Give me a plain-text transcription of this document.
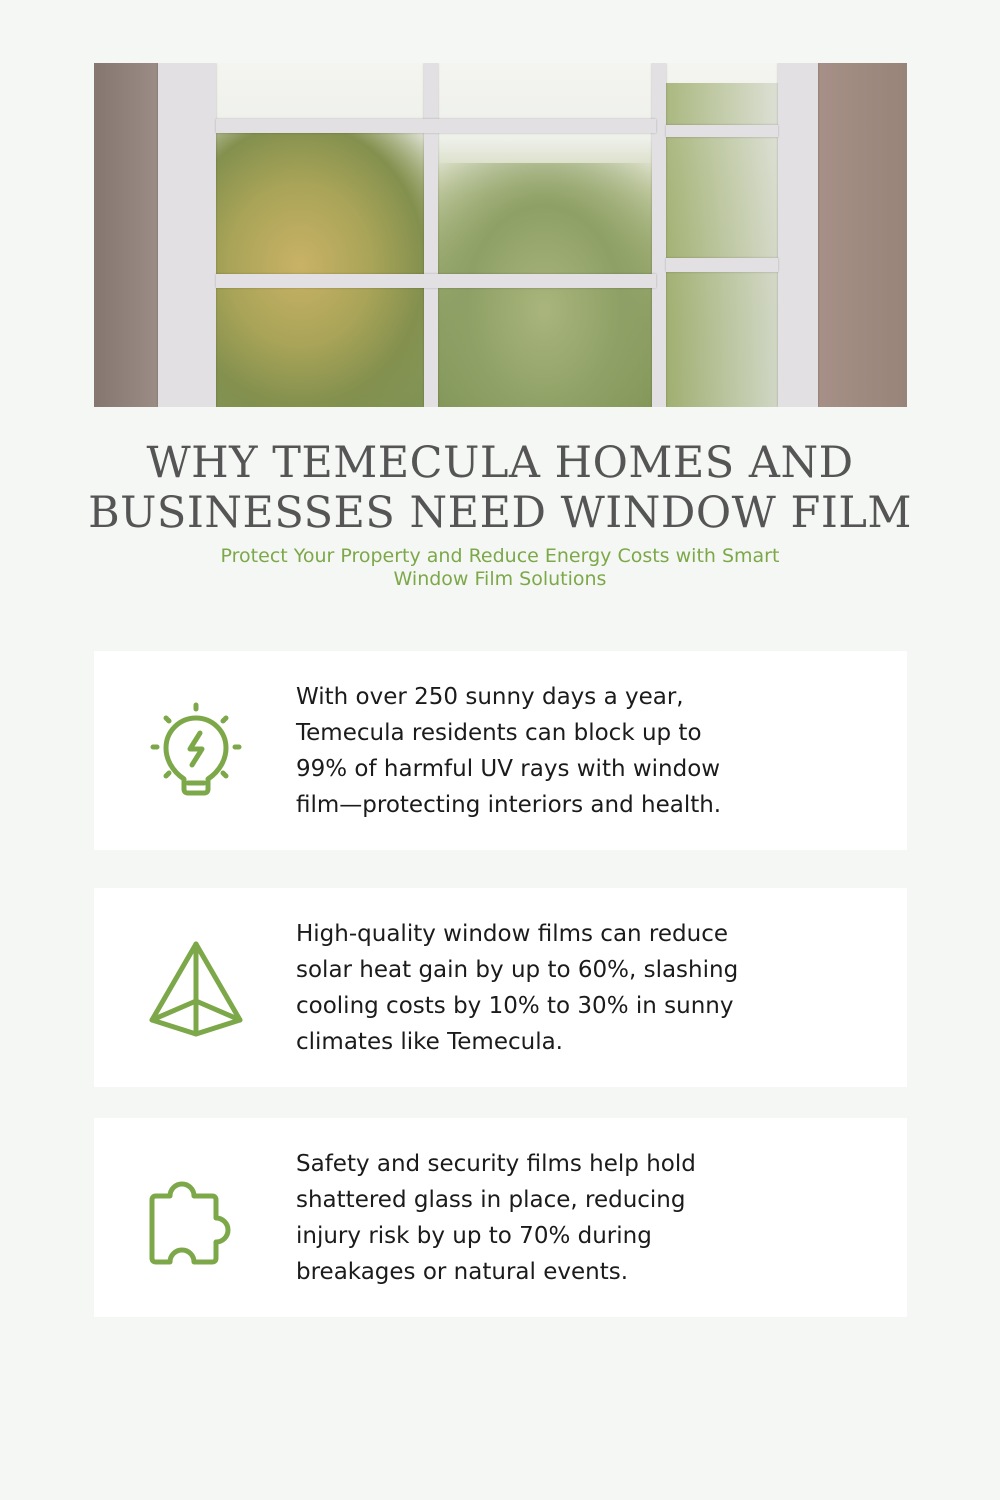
WHY TEMECULA HOMES AND
BUSINESSES NEED WINDOW FILM
Protect Your Property and Reduce Energy Costs with Smart
Window Film Solutions
With over 250 sunny days a year,
Temecula residents can block up to
99% of harmful UV rays with window
film—protecting interiors and health.
High-quality window films can reduce
solar heat gain by up to 60%, slashing
cooling costs by 10% to 30% in sunny
climates like Temecula.
Safety and security films help hold
shattered glass in place, reducing
injury risk by up to 70% during
breakages or natural events.
